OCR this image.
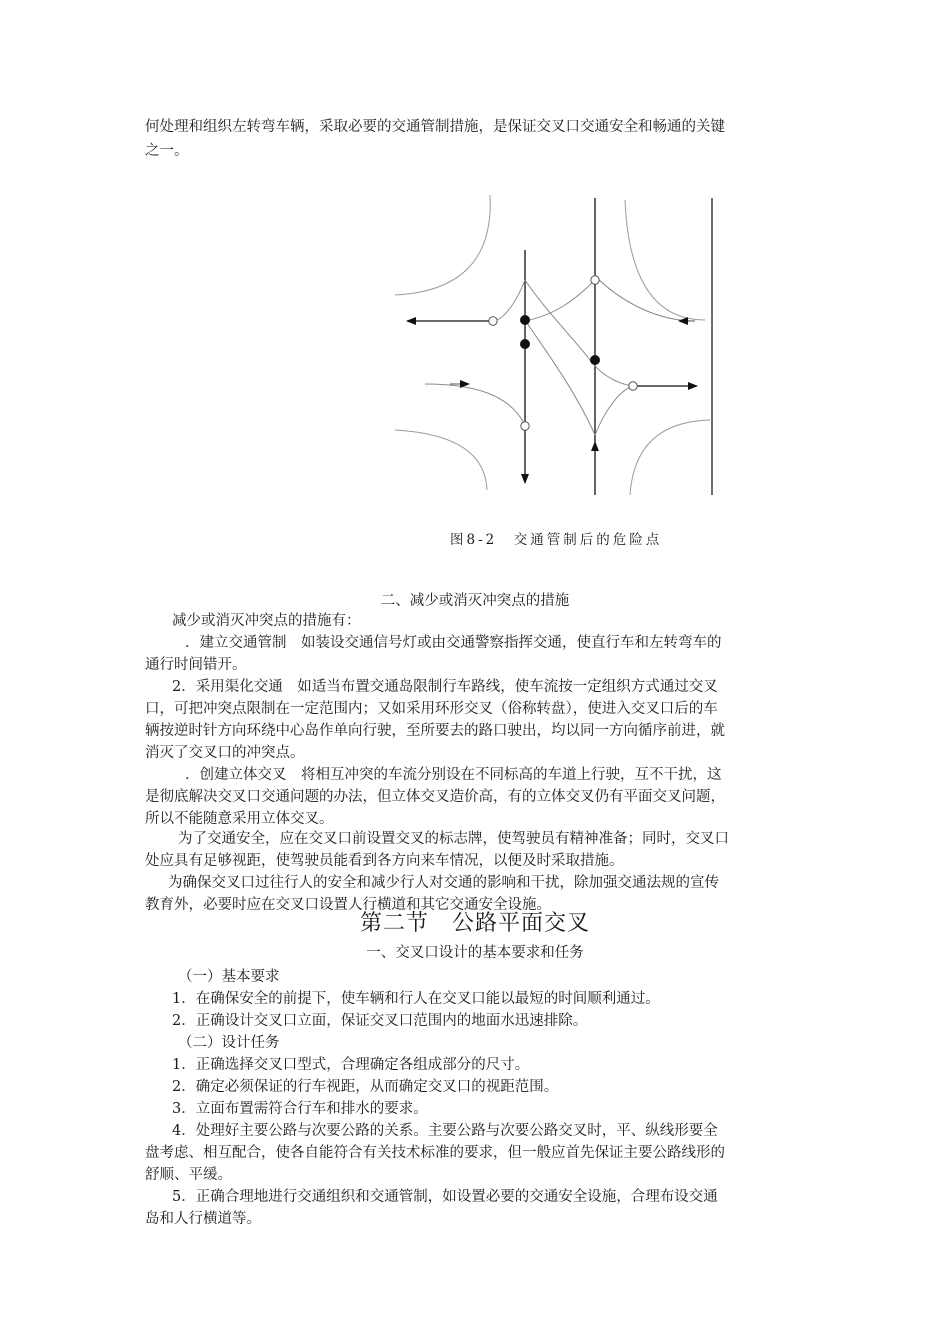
何处理和组织左转弯车辆，采取必要的交通管制措施，是保证交叉口交通安全和畅通的关键
之一。
图8-2　交通管制后的危险点
二、减少或消灭冲突点的措施
减少或消灭冲突点的措施有：
．建立交通管制　如装设交通信号灯或由交通警察指挥交通，使直行车和左转弯车的
通行时间错开。
2．采用渠化交通　如适当布置交通岛限制行车路线，使车流按一定组织方式通过交叉
口，可把冲突点限制在一定范围内；又如采用环形交叉（俗称转盘），使进入交叉口后的车
辆按逆时针方向环绕中心岛作单向行驶，至所要去的路口驶出，均以同一方向循序前进，就
消灭了交叉口的冲突点。
．创建立体交叉　将相互冲突的车流分别设在不同标高的车道上行驶，互不干扰，这
是彻底解决交叉口交通问题的办法，但立体交叉造价高，有的立体交叉仍有平面交叉问题，
所以不能随意采用立体交叉。
为了交通安全，应在交叉口前设置交叉的标志牌，使驾驶员有精神准备；同时，交叉口
处应具有足够视距，使驾驶员能看到各方向来车情况，以便及时采取措施。
为确保交叉口过往行人的安全和减少行人对交通的影响和干扰，除加强交通法规的宣传
教育外，必要时应在交叉口设置人行横道和其它交通安全设施。
第二节　公路平面交叉
一、交叉口设计的基本要求和任务
（一）基本要求
1．在确保安全的前提下，使车辆和行人在交叉口能以最短的时间顺利通过。
2．正确设计交叉口立面，保证交叉口范围内的地面水迅速排除。
（二）设计任务
1．正确选择交叉口型式，合理确定各组成部分的尺寸。
2．确定必须保证的行车视距，从而确定交叉口的视距范围。
3．立面布置需符合行车和排水的要求。
4．处理好主要公路与次要公路的关系。主要公路与次要公路交叉时，平、纵线形要全
盘考虑、相互配合，使各自能符合有关技术标准的要求，但一般应首先保证主要公路线形的
舒顺、平缓。
5．正确合理地进行交通组织和交通管制，如设置必要的交通安全设施，合理布设交通
岛和人行横道等。
